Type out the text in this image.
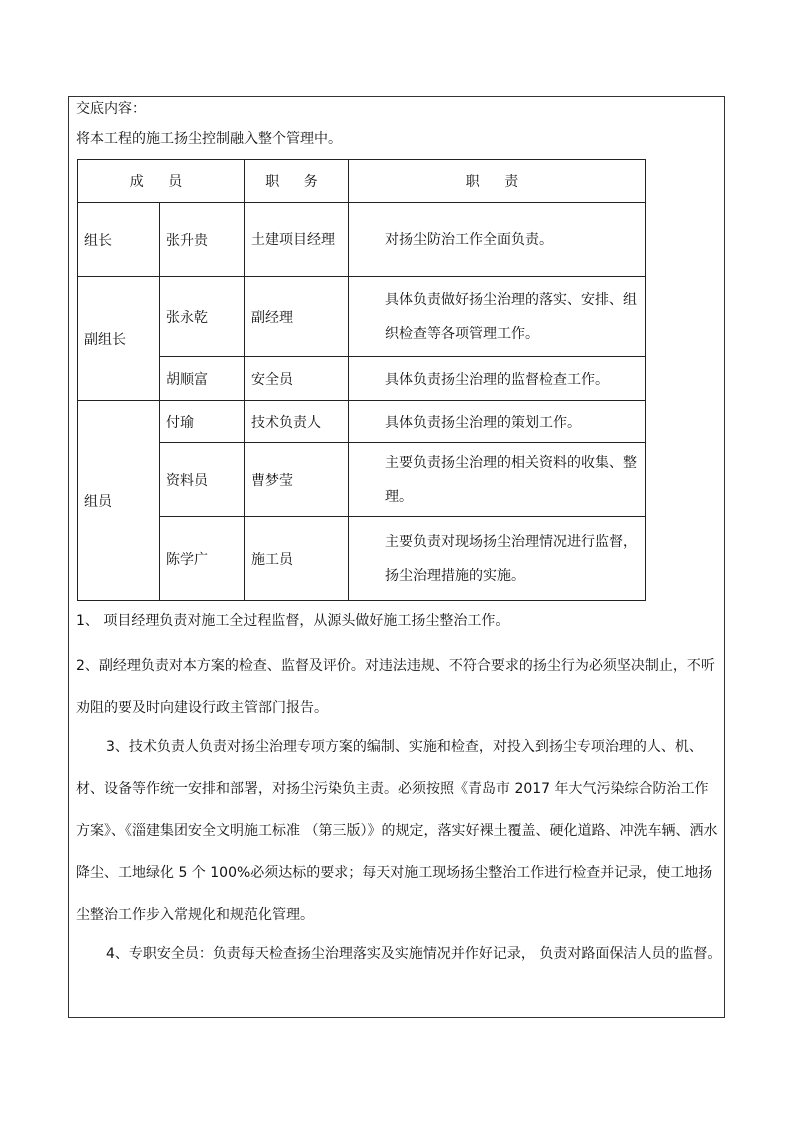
交底内容：
将本工程的施工扬尘控制融入整个管理中。
成 员		职 务	职 责
组长	张升贵	土建项目经理	对扬尘防治工作全面负责。
副组长	张永乾	副经理	具体负责做好扬尘治理的落实、安排、组织检查等各项管理工作。
	胡顺富	安全员	具体负责扬尘治理的监督检查工作。
组员	付瑜	技术负责人	具体负责扬尘治理的策划工作。
	资料员	曹梦莹	主要负责扬尘治理的相关资料的收集、整理。
	陈学广	施工员	主要负责对现场扬尘治理情况进行监督，扬尘治理措施的实施。
1、 项目经理负责对施工全过程监督，从源头做好施工扬尘整治工作。
2、副经理负责对本方案的检查、监督及评价。对违法违规、不符合要求的扬尘行为必须坚决制止，不听劝阻的要及时向建设行政主管部门报告。
3、技术负责人负责对扬尘治理专项方案的编制、实施和检查，对投入到扬尘专项治理的人、机、材、设备等作统一安排和部署，对扬尘污染负主责。必须按照《青岛市 2017 年大气污染综合防治工作方案》、《淄建集团安全文明施工标准 （第三版）》的规定，落实好裸土覆盖、硬化道路、冲洗车辆、洒水降尘、工地绿化 5 个 100%必须达标的要求；每天对施工现场扬尘整治工作进行检查并记录，使工地扬尘整治工作步入常规化和规范化管理。
4、专职安全员：负责每天检查扬尘治理落实及实施情况并作好记录， 负责对路面保洁人员的监督。
